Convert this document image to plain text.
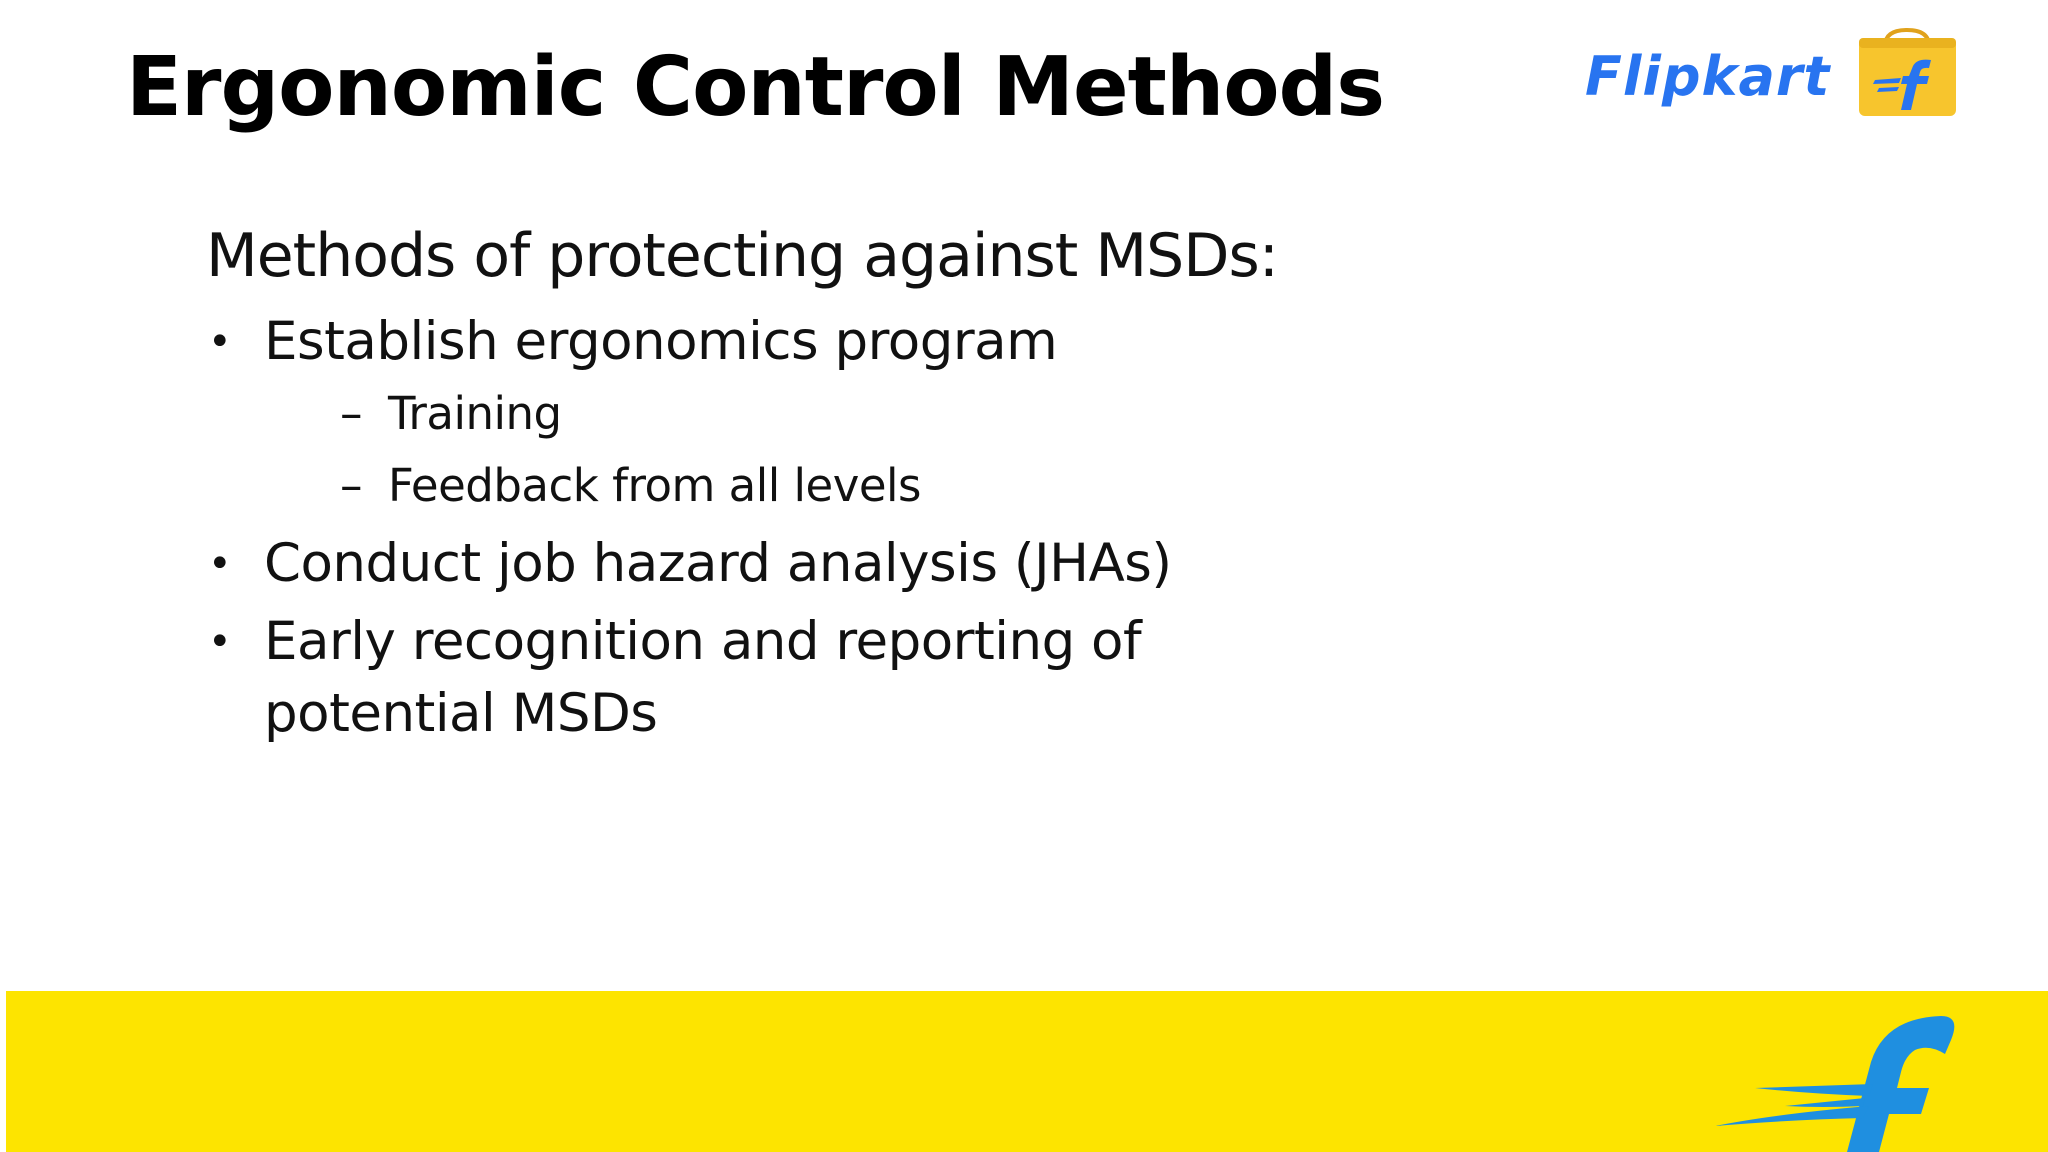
Ergonomic Control Methods	Flipkart

Methods of protecting against MSDs:

• Establish ergonomics program
– Training
– Feedback from all levels
• Conduct job hazard analysis (JHAs)
• Early recognition and reporting of potential MSDs
